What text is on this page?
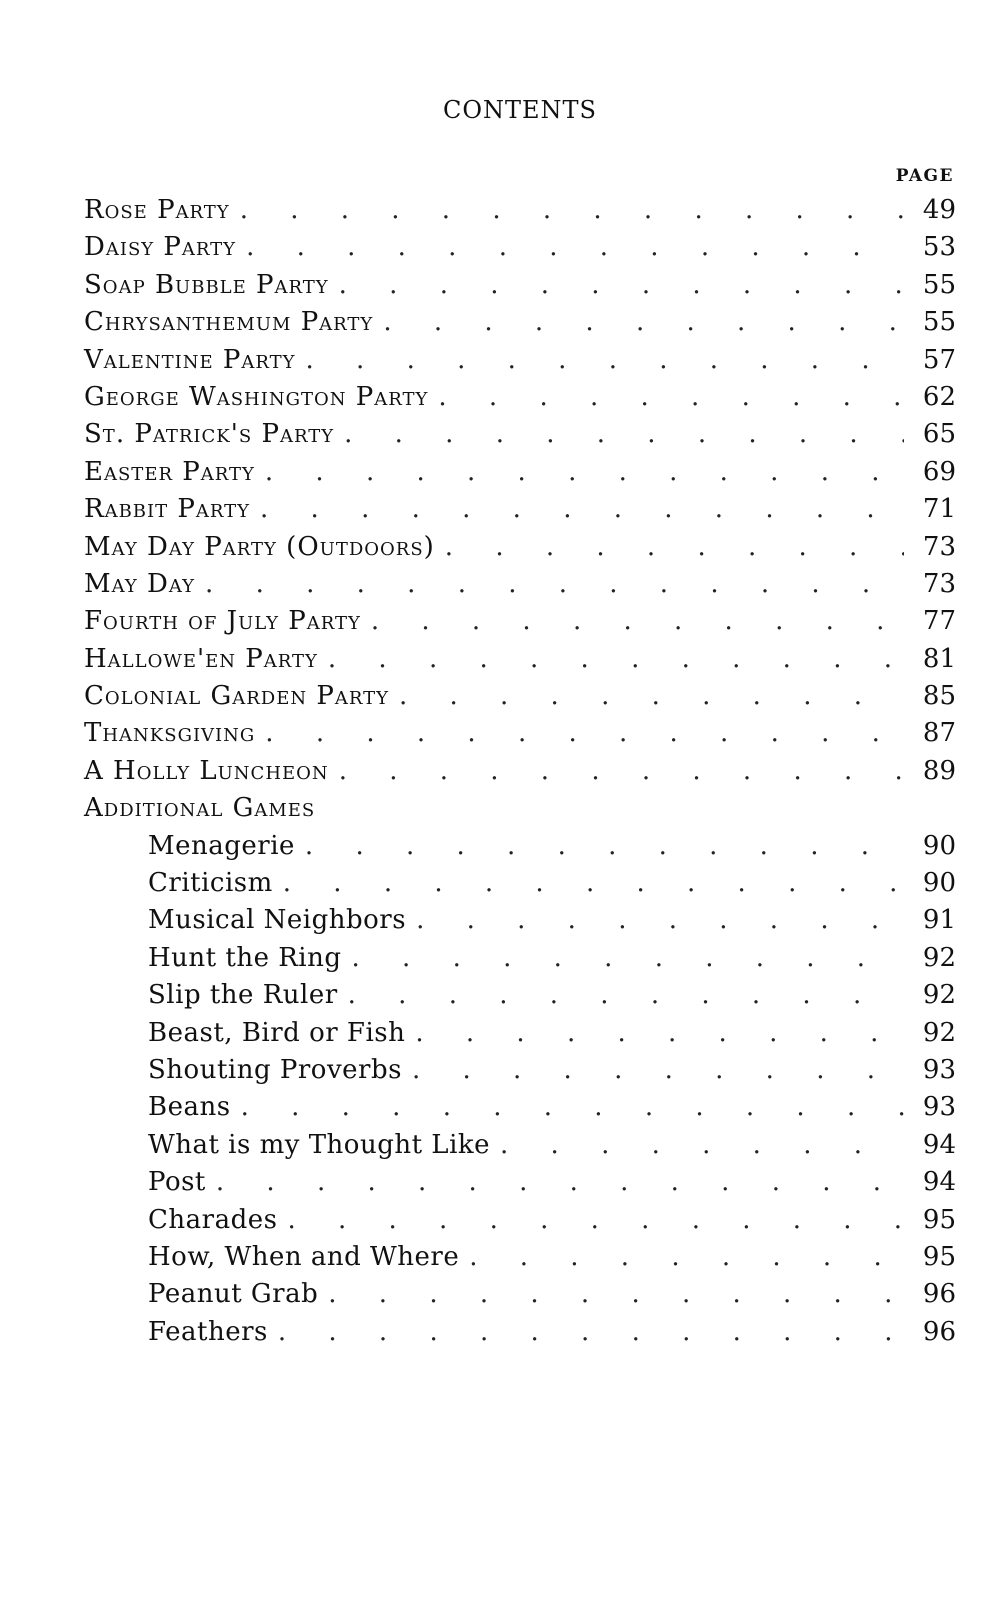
CONTENTS
PAGE
Rose Party . . .	49
Daisy Party . . .	53
Soap Bubble Party . . .	55
Chrysanthemum Party . . .	55
Valentine Party . . .	57
George Washington Party . . .	62
St. Patrick's Party . . .	65
Easter Party . . .	69
Rabbit Party . . .	71
May Day Party (Outdoors) . . .	73
May Day . . .	73
Fourth of July Party . . .	77
Hallowe'en Party . . .	81
Colonial Garden Party . . .	85
Thanksgiving . . .	87
A Holly Luncheon . . .	89
Additional Games
Menagerie . . .	90
Criticism . . .	90
Musical Neighbors . . .	91
Hunt the Ring . . .	92
Slip the Ruler . . .	92
Beast, Bird or Fish . . .	92
Shouting Proverbs . . .	93
Beans . . .	93
What is my Thought Like . . .	94
Post . . .	94
Charades . . .	95
How, When and Where . . .	95
Peanut Grab . . .	96
Feathers . . .	96
